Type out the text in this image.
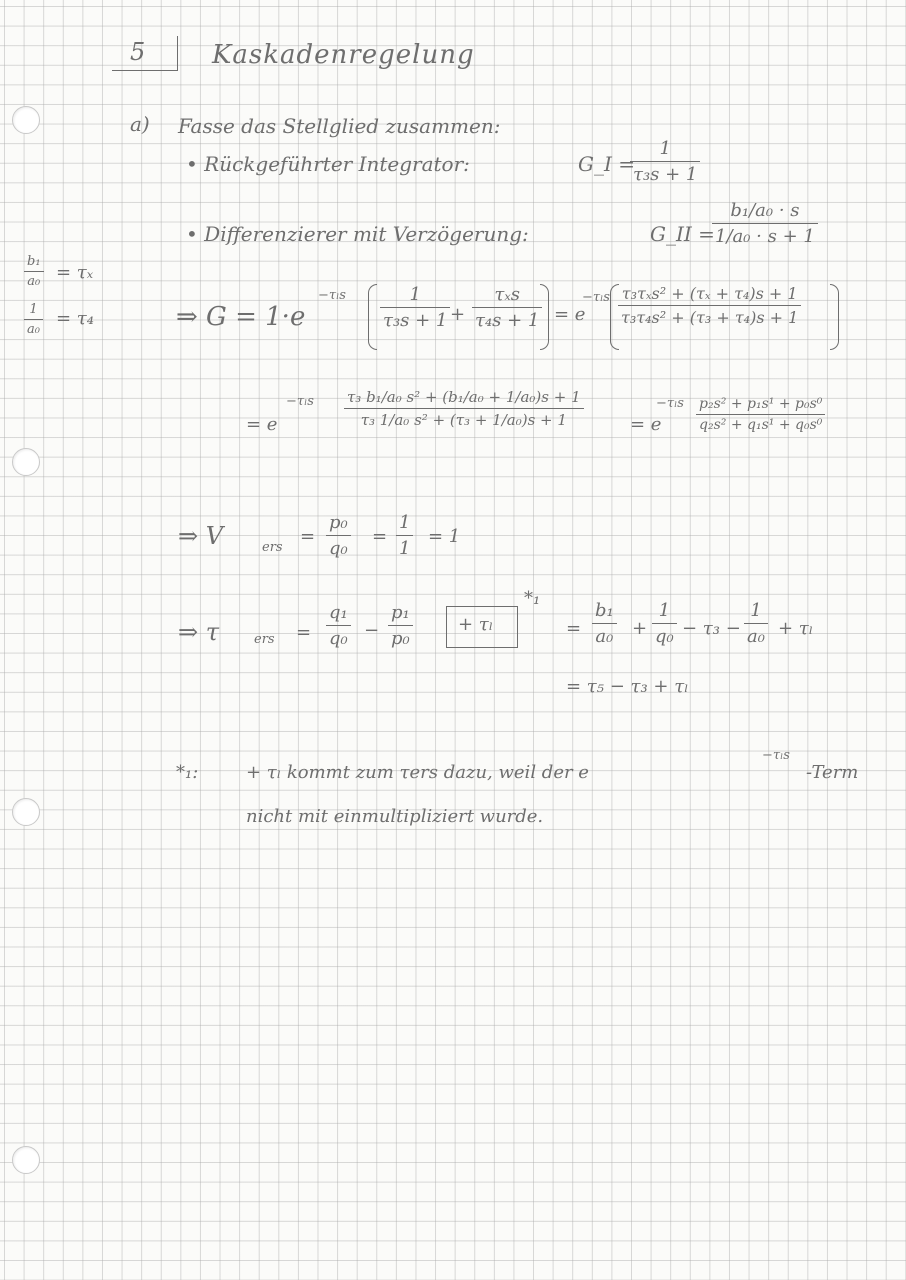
5	Kaskadenregelung
a) Fasse das Stellglied zusammen:
• Rückgeführter Integrator:	G_I =
1
τ₃s + 1
• Differenzierer mit Verzögerung:	G_II =
b₁/a₀ · s
1/a₀ · s + 1
b₁
a₀ = τₓ
1
a₀
= τ₄	⇒ G = 1·e
−τₗs	1
τ₃s + 1 +
τₓs
τ₄s + 1 = e
−τₗs τ₃τₓs² + (τₓ + τ₄)s + 1
τ₃τ₄s² + (τ₃ + τ₄)s + 1
= e
−τₗs τ₃ b₁/a₀ s² + (b₁/a₀ + 1/a₀)s + 1
τ₃ 1/a₀ s² + (τ₃ + 1/a₀)s + 1	= e
−τₗs p₂s² + p₁s¹ + p₀s⁰
q₂s² + q₁s¹ + q₀s⁰
⇒ V	ers
=
p₀
q₀
=
1
1
= 1
⇒ τ	ers =
q₁
q₀ −
p₁
p₀
+ τₗ
*₁
=
b₁
a₀ +
1
q₀ − τ₃ −
1
a₀ + τₗ
= τ₅ − τ₃ + τₗ
*₁:	+ τₗ kommt zum τers dazu, weil der e
−τₗs
-Term
nicht mit einmultipliziert wurde.
